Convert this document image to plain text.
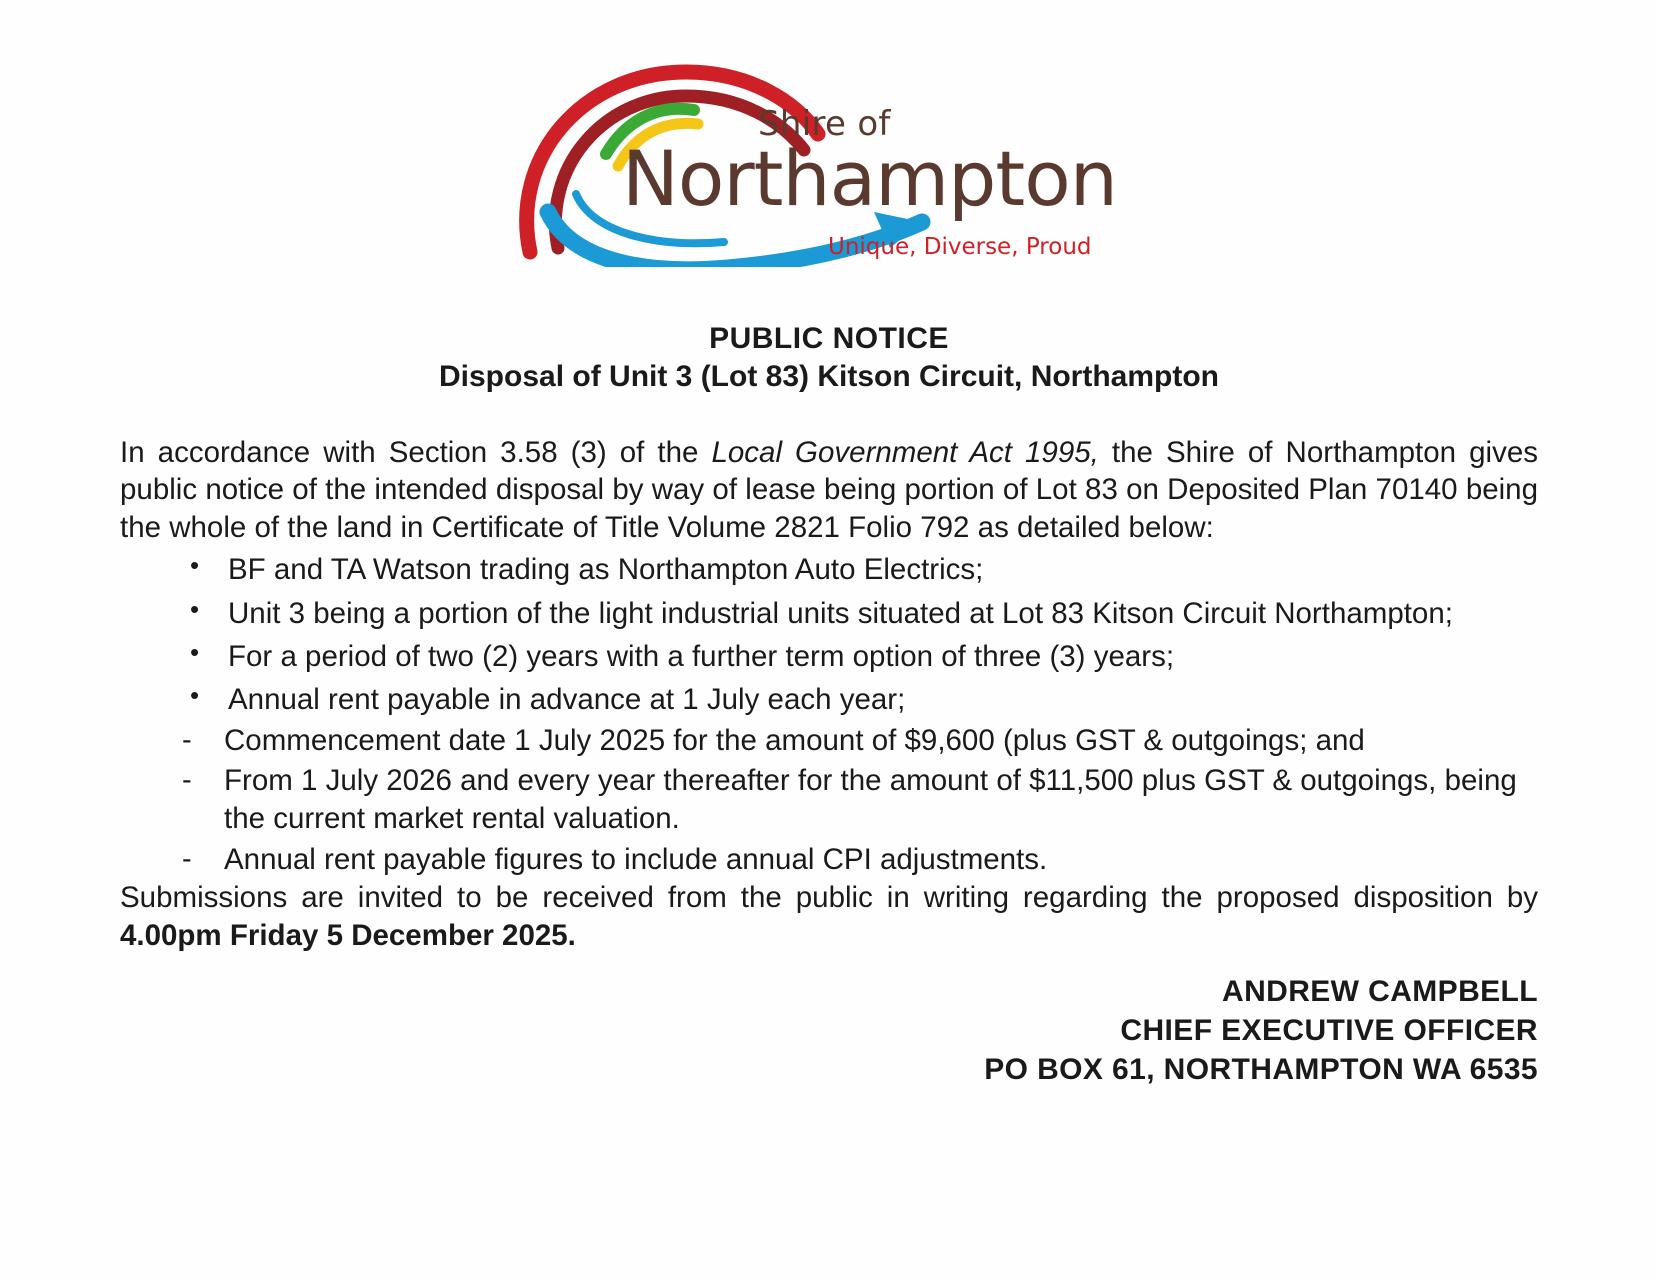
Shire of
Northampton
Unique, Diverse, Proud
PUBLIC NOTICE
Disposal of Unit 3 (Lot 83) Kitson Circuit, Northampton

In accordance with Section 3.58 (3) of the Local Government Act 1995, the Shire of Northampton gives public notice of the intended disposal by way of lease being portion of Lot 83 on Deposited Plan 70140 being the whole of the land in Certificate of Title Volume 2821 Folio 792 as detailed below:

• BF and TA Watson trading as Northampton Auto Electrics;
• Unit 3 being a portion of the light industrial units situated at Lot 83 Kitson Circuit Northampton;
• For a period of two (2) years with a further term option of three (3) years;
• Annual rent payable in advance at 1 July each year;
- Commencement date 1 July 2025 for the amount of $9,600 (plus GST & outgoings; and
- From 1 July 2026 and every year thereafter for the amount of $11,500 plus GST & outgoings, being the current market rental valuation.
- Annual rent payable figures to include annual CPI adjustments.

Submissions are invited to be received from the public in writing regarding the proposed disposition by 4.00pm Friday 5 December 2025.

ANDREW CAMPBELL
CHIEF EXECUTIVE OFFICER
PO BOX 61, NORTHAMPTON WA 6535
